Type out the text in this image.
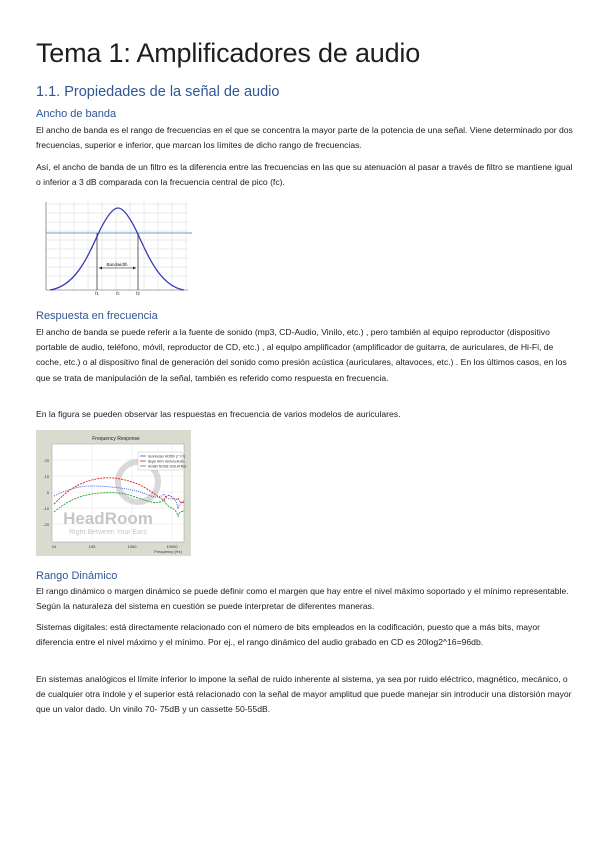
Tema 1: Amplificadores de audio
1.1. Propiedades de la señal de audio
Ancho de banda

El ancho de banda es el rango de frecuencias en el que se concentra la mayor parte de la potencia de una señal. Viene determinado por dos frecuencias, superior e inferior, que marcan los límites de dicho rango de frecuencias.

Así, el ancho de banda de un filtro es la diferencia entre las frecuencias en las que su atenuación al pasar a través de filtro se mantiene igual o inferior a 3 dB comparada con la frecuencia central de pico (fc).

Bandwidth
f1	fc	f2
Respuesta en frecuencia

El ancho de banda se puede referir a la fuente de sonido (mp3, CD-Audio, Vinilo, etc.) , pero también al equipo reproductor (dispositivo portable de audio, teléfono, móvil, reproductor de CD, etc.) , al equipo amplificador (amplificador de guitarra, de auriculares, de Hi-Fi, de coche, etc.) o al dispositivo final de generación del sonido como presión acústica (auriculares, altavoces, etc.) . En los últimos casos, en los que se trata de manipulación de la señal, también es referido como respuesta en frecuencia.

En la figura se pueden observar las respuestas en frecuencia de varios modelos de auriculares.

Frequency Response
20
10
0
-10
-20
10	100	1000	10000
Frequency (Hz)
HeadRoom
Right Between Your Ears
Sennheiser HD650 (7.7-7)
Beyer AKG Ventura Audio
HD280 NOISE ISOLATING
Rango Dinámico

El rango dinámico o margen dinámico se puede definir como el margen que hay entre el nivel máximo soportado y el mínimo representable. Según la naturaleza del sistema en cuestión se puede interpretar de diferentes maneras.

Sistemas digitales: está directamente relacionado con el número de bits empleados en la codificación, puesto que a más bits, mayor diferencia entre el nivel máximo y el mínimo. Por ej., el rango dinámico del audio grabado en CD es 20log2^16=96db.

En sistemas analógicos el límite inferior lo impone la señal de ruido inherente al sistema, ya sea por ruido eléctrico, magnético, mecánico, o de cualquier otra índole y el superior está relacionado con la señal de mayor amplitud que puede manejar sin introducir una distorsión mayor que un valor dado. Un vinilo 70- 75dB y un cassette 50-55dB.
